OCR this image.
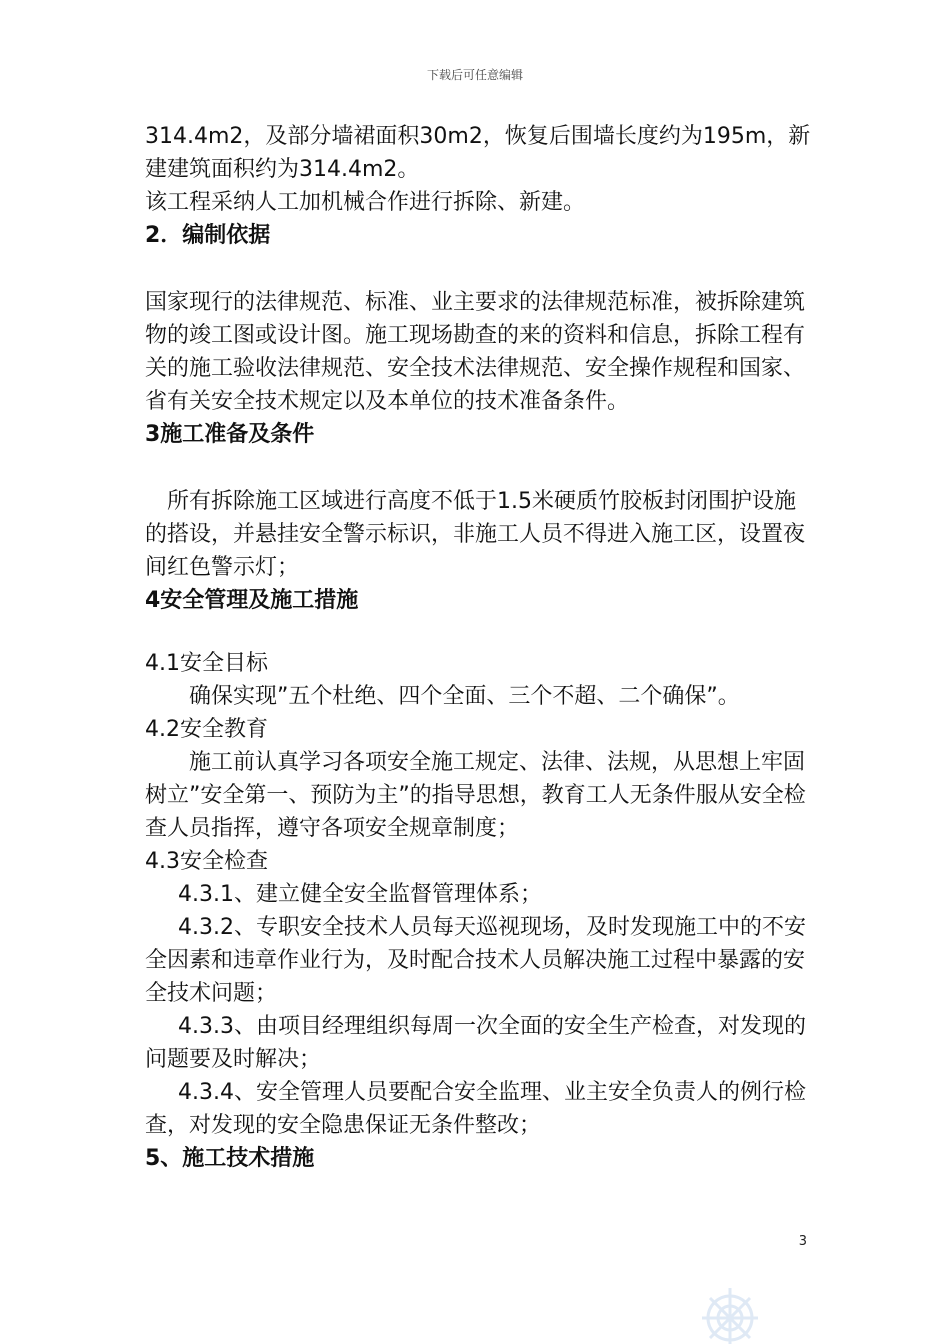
下载后可任意编辑

314.4m2，及部分墙裙面积30m2，恢复后围墙长度约为195m，新建建筑面积约为314.4m2。

该工程采纳人工加机械合作进行拆除、新建。

2．编制依据

国家现行的法律规范、标准、业主要求的法律规范标准，被拆除建筑物的竣工图或设计图。施工现场勘查的来的资料和信息，拆除工程有关的施工验收法律规范、安全技术法律规范、安全操作规程和国家、省有关安全技术规定以及本单位的技术准备条件。

3施工准备及条件

所有拆除施工区域进行高度不低于1.5米硬质竹胶板封闭围护设施的搭设，并悬挂安全警示标识，非施工人员不得进入施工区，设置夜间红色警示灯；

4安全管理及施工措施

4.1安全目标

确保实现”五个杜绝、四个全面、三个不超、二个确保”。

4.2安全教育

施工前认真学习各项安全施工规定、法律、法规，从思想上牢固树立”安全第一、预防为主”的指导思想，教育工人无条件服从安全检查人员指挥，遵守各项安全规章制度；

4.3安全检查

4.3.1、建立健全安全监督管理体系；

4.3.2、专职安全技术人员每天巡视现场，及时发现施工中的不安全因素和违章作业行为，及时配合技术人员解决施工过程中暴露的安全技术问题；

4.3.3、由项目经理组织每周一次全面的安全生产检查，对发现的问题要及时解决；

4.3.4、安全管理人员要配合安全监理、业主安全负责人的例行检查，对发现的安全隐患保证无条件整改；

5、施工技术措施

3
